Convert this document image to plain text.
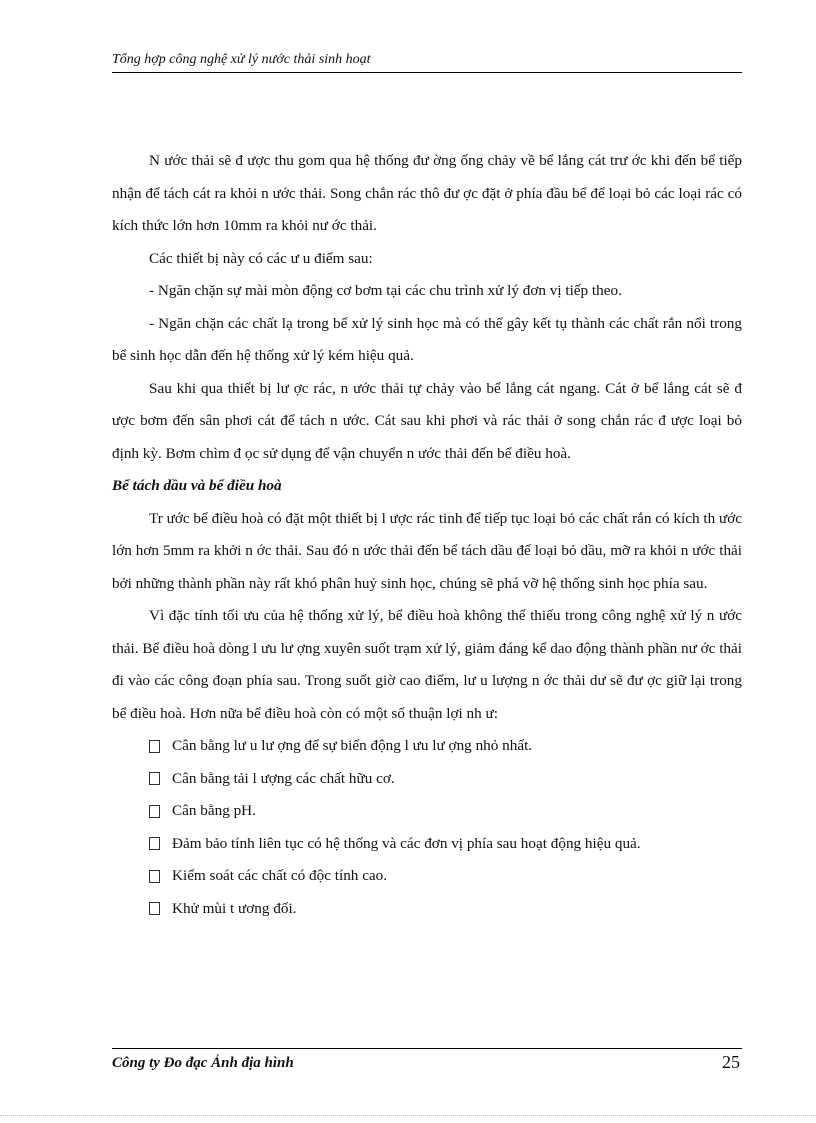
Tổng hợp công nghệ xử lý nước thải sinh hoạt

N ước thải sẽ đ ược thu gom qua hệ thống đư ờng ống chảy về bể lắng cát trư ớc khi đến bể tiếp nhận để tách cát ra khỏi n ước thải. Song chắn rác thô đư ợc đặt ở phía đầu bể để loại bỏ các loại rác có kích thức lớn hơn 10mm ra khỏi nư ớc thải.

Các thiết bị này có các ư u điểm sau:

- Ngăn chặn sự mài mòn động cơ bơm tại các chu trình xử lý đơn vị tiếp theo.

- Ngăn chặn các chất lạ trong bể xử lý sinh học mà có thể gây kết tụ thành các chất rắn nổi trong bể sinh học dẫn đến hệ thống xử lý kém hiệu quả.

Sau khi qua thiết bị lư ợc rác, n ước thải tự chảy vào bể lắng cát ngang. Cát ở bể lắng cát sẽ đ ược bơm đến sân phơi cát để tách n ước. Cát sau khi phơi và rác thải ở song chắn rác đ ược loại bỏ định kỳ. Bơm chìm đ ọc sử dụng để vận chuyển n ước thải đến bể điều hoà.

Bể tách dầu và bể điều hoà

Tr ước bể điều hoà có đặt một thiết bị l ược rác tinh để tiếp tục loại bỏ các chất rắn có kích th ước lớn hơn 5mm ra khởi n ớc thải. Sau đó n ước thải đến bể tách dầu để loại bỏ dầu, mỡ ra khỏi n ước thải bởi những thành phần này rất khó phân huỷ sinh học, chúng sẽ phá vỡ hệ thống sinh học phía sau.

Vì đặc tính tối ưu của hệ thống xử lý, bể điều hoà không thể thiếu trong công nghệ xử lý n ước thải. Bể điều hoà dòng l ưu lư ợng xuyên suốt trạm xử lý, giảm đáng kể dao động thành phần nư ớc thải đi vào các công đoạn phía sau. Trong suốt giờ cao điểm, lư u lượng n ớc thải dư sẽ đư ợc giữ lại trong bể điều hoà. Hơn nữa bể điều hoà còn có một số thuận lợi nh ư:

Cân bằng lư u lư ợng để sự biến động l ưu lư ợng nhỏ nhất.
Cân bằng tải l ượng các chất hữu cơ.
Cân bằng pH.
Đảm bảo tính liên tục có hệ thống và các đơn vị phía sau hoạt động hiệu quả.
Kiểm soát các chất có độc tính cao.
Khử mùi t ương đối.
Công ty Đo đạc Ảnh địa hình	25
